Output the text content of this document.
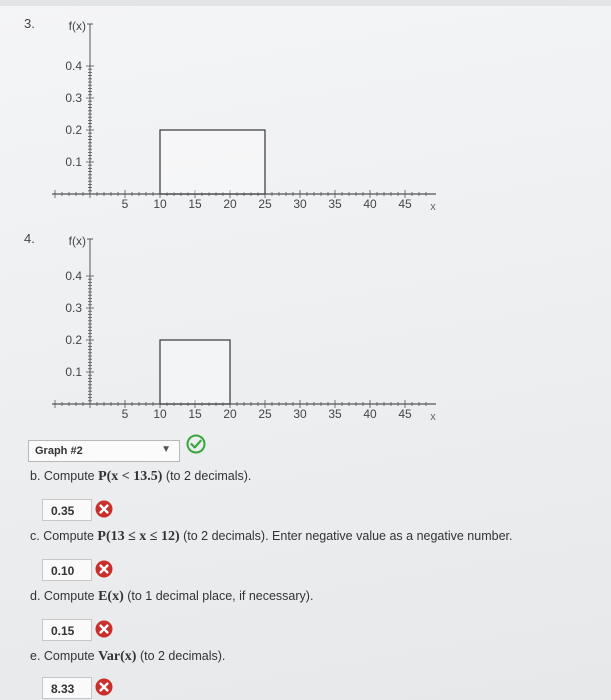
3.
0.4
0.3
0.2
0.1
f(x)
5 10 15 20 25 30 35 40 45 x
4.
0.4
0.3
0.2
0.1
f(x)
5 10 15 20 25 30 35 40 45 x
Graph #2	▼
b. Compute P(x < 13.5) (to 2 decimals).
0.35
c. Compute P(13 ≤ x ≤ 12) (to 2 decimals). Enter negative value as a negative number.
0.10
d. Compute E(x) (to 1 decimal place, if necessary).
0.15
e. Compute Var(x) (to 2 decimals).
8.33
